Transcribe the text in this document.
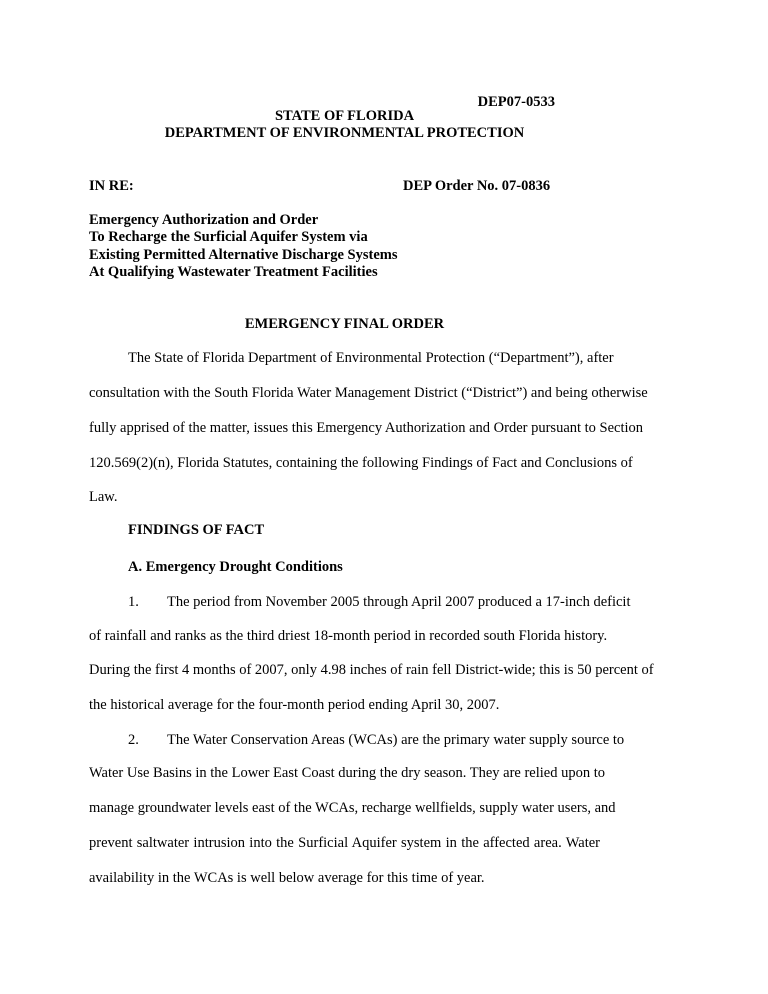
DEP07-0533
STATE OF FLORIDA
DEPARTMENT OF ENVIRONMENTAL PROTECTION
IN RE:	DEP Order No. 07-0836
Emergency Authorization and Order
To Recharge the Surficial Aquifer System via
Existing Permitted Alternative Discharge Systems
At Qualifying Wastewater Treatment Facilities
EMERGENCY FINAL ORDER
The State of Florida Department of Environmental Protection (“Department”), after
consultation with the South Florida Water Management District (“District”) and being otherwise
fully apprised of the matter, issues this Emergency Authorization and Order pursuant to Section
120.569(2)(n), Florida Statutes, containing the following Findings of Fact and Conclusions of
Law.
FINDINGS OF FACT
A. Emergency Drought Conditions
1. The period from November 2005 through April 2007 produced a 17-inch deficit
of rainfall and ranks as the third driest 18-month period in recorded south Florida history.
During the first 4 months of 2007, only 4.98 inches of rain fell District-wide; this is 50 percent of
the historical average for the four-month period ending April 30, 2007.
2. The Water Conservation Areas (WCAs) are the primary water supply source to
Water Use Basins in the Lower East Coast during the dry season. They are relied upon to
manage groundwater levels east of the WCAs, recharge wellfields, supply water users, and
prevent saltwater intrusion into the Surficial Aquifer system in the affected area. Water
availability in the WCAs is well below average for this time of year.
